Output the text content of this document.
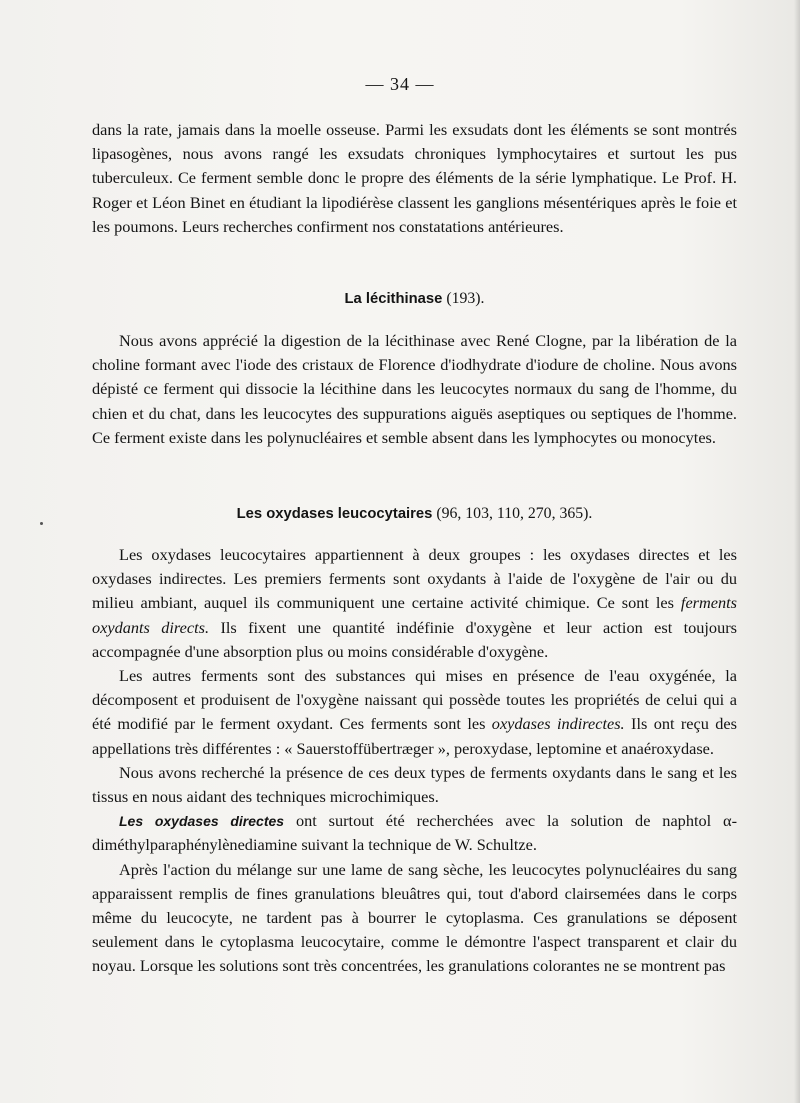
— 34 —

dans la rate, jamais dans la moelle osseuse. Parmi les exsudats dont les éléments se sont montrés lipasogènes, nous avons rangé les exsudats chroniques lymphocytaires et surtout les pus tuberculeux. Ce ferment semble donc le propre des éléments de la série lymphatique. Le Prof. H. Roger et Léon Binet en étudiant la lipodiérèse classent les ganglions mésentériques après le foie et les poumons. Leurs recherches confirment nos constatations antérieures.

La lécithinase (193).

Nous avons apprécié la digestion de la lécithinase avec René Clogne, par la libération de la choline formant avec l'iode des cristaux de Florence d'iodhydrate d'iodure de choline. Nous avons dépisté ce ferment qui dissocie la lécithine dans les leucocytes normaux du sang de l'homme, du chien et du chat, dans les leucocytes des suppurations aiguës aseptiques ou septiques de l'homme. Ce ferment existe dans les polynucléaires et semble absent dans les lymphocytes ou monocytes.

Les oxydases leucocytaires (96, 103, 110, 270, 365).

Les oxydases leucocytaires appartiennent à deux groupes : les oxydases directes et les oxydases indirectes. Les premiers ferments sont oxydants à l'aide de l'oxygène de l'air ou du milieu ambiant, auquel ils communiquent une certaine activité chimique. Ce sont les ferments oxydants directs. Ils fixent une quantité indéfinie d'oxygène et leur action est toujours accompagnée d'une absorption plus ou moins considérable d'oxygène.

Les autres ferments sont des substances qui mises en présence de l'eau oxygénée, la décomposent et produisent de l'oxygène naissant qui possède toutes les propriétés de celui qui a été modifié par le ferment oxydant. Ces ferments sont les oxydases indirectes. Ils ont reçu des appellations très différentes : « Sauerstoffübertræger », peroxydase, leptomine et anaéroxydase.

Nous avons recherché la présence de ces deux types de ferments oxydants dans le sang et les tissus en nous aidant des techniques microchimiques.

Les oxydases directes ont surtout été recherchées avec la solution de naphtol α-diméthylparaphénylènediamine suivant la technique de W. Schultze.

Après l'action du mélange sur une lame de sang sèche, les leucocytes polynucléaires du sang apparaissent remplis de fines granulations bleuâtres qui, tout d'abord clairsemées dans le corps même du leucocyte, ne tardent pas à bourrer le cytoplasma. Ces granulations se déposent seulement dans le cytoplasma leucocytaire, comme le démontre l'aspect transparent et clair du noyau. Lorsque les solutions sont très concentrées, les granulations colorantes ne se montrent pas
